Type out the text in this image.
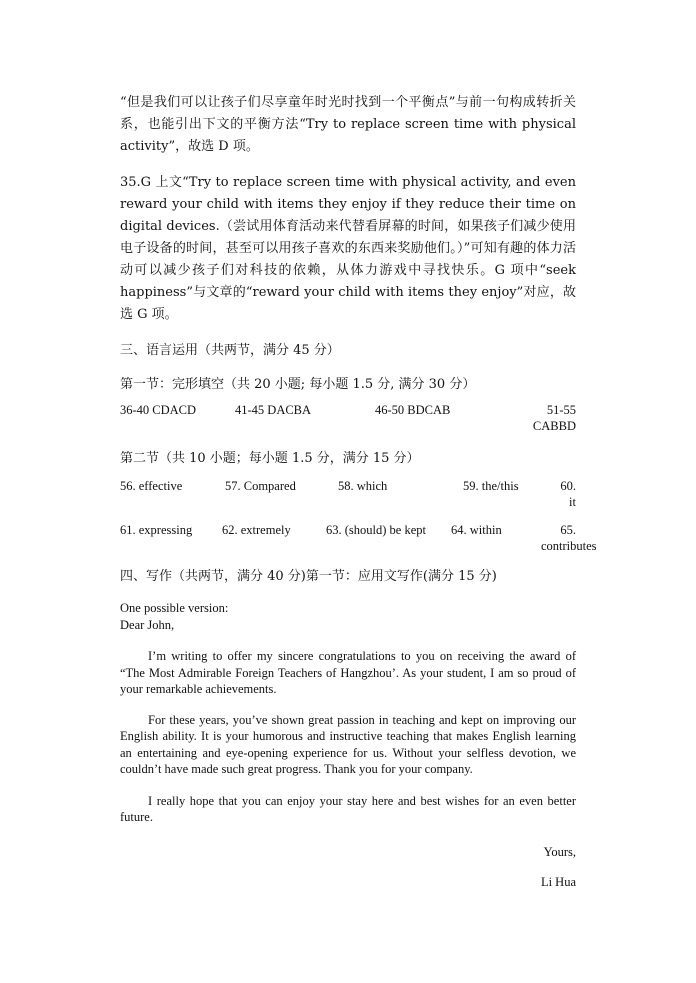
“但是我们可以让孩子们尽享童年时光时找到一个平衡点”与前一句构成转折关系，也能引出下文的平衡方法“Try to replace screen time with physical activity”，故选 D 项。

35.G 上文“Try to replace screen time with physical activity, and even reward your child with items they enjoy if they reduce their time on digital devices.（尝试用体育活动来代替看屏幕的时间，如果孩子们减少使用电子设备的时间，甚至可以用孩子喜欢的东西来奖励他们。）”可知有趣的体力活动可以减少孩子们对科技的依赖，从体力游戏中寻找快乐。G 项中“seek happiness”与文章的“reward your child with items they enjoy”对应，故选 G 项。

三、语言运用（共两节，满分 45 分）

第一节：完形填空（共 20 小题; 每小题 1.5 分, 满分 30 分）

36-40 CDACD	41-45 DACBA	46-50 BDCAB	51-55 CABBD

第二节（共 10 小题；每小题 1.5 分，满分 15 分）

56. effective	57. Compared	58. which	59. the/this	60. it
61. expressing	62. extremely	63. (should) be kept	64. within	65. contributes

四、写作（共两节，满分 40 分)第一节：应用文写作(满分 15 分)

One possible version:

Dear John,

I’m writing to offer my sincere congratulations to you on receiving the award of “The Most Admirable Foreign Teachers of Hangzhou’. As your student, I am so proud of your remarkable achievements.

For these years, you’ve shown great passion in teaching and kept on improving our English ability. It is your humorous and instructive teaching that makes English learning an entertaining and eye-opening experience for us. Without your selfless devotion, we couldn’t have made such great progress. Thank you for your company.

I really hope that you can enjoy your stay here and best wishes for an even better future.

Yours,

Li Hua
